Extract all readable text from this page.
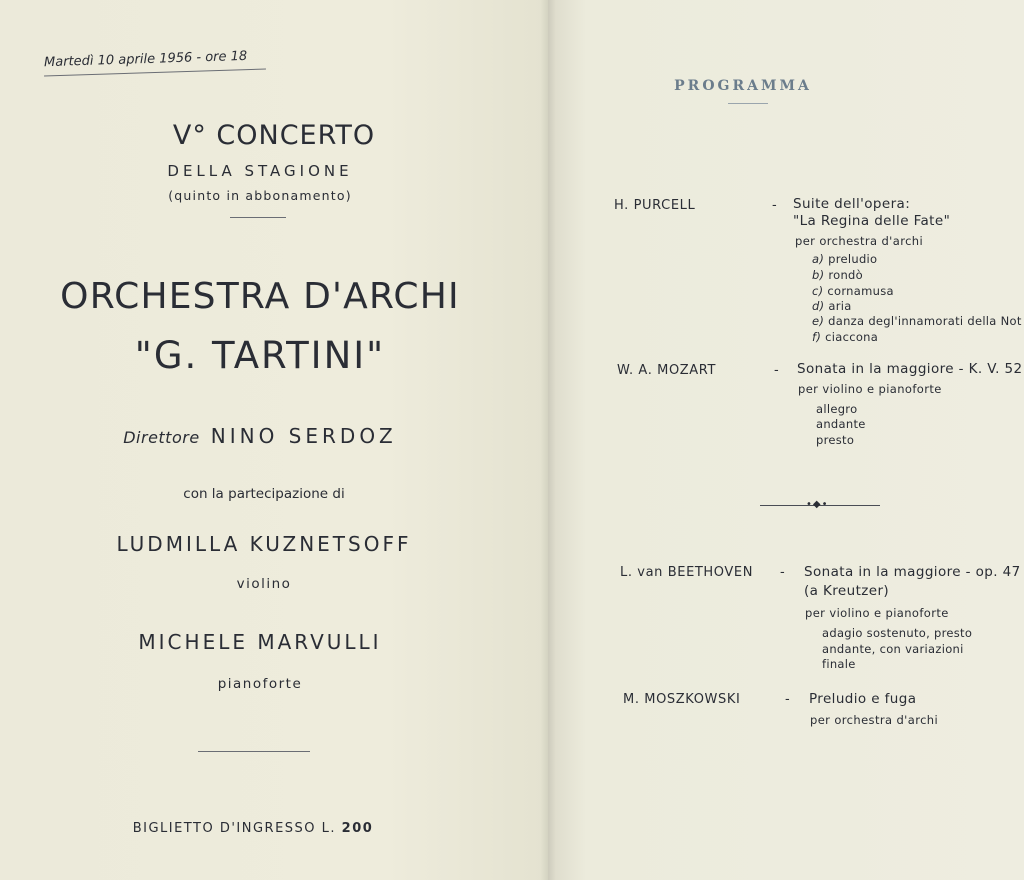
Martedì 10 aprile 1956 - ore 18
V° CONCERTO
DELLA STAGIONE
(quinto in abbonamento)
ORCHESTRA D'ARCHI
"G. TARTINI"
Direttore NINO SERDOZ
con la partecipazione di
LUDMILLA KUZNETSOFF
violino
MICHELE MARVULLI
pianoforte
BIGLIETTO D'INGRESSO L. 200
PROGRAMMA
H. PURCELL	- Suite dell'opera:
"La Regina delle Fate"
per orchestra d'archi
a) preludio
b) rondò
c) cornamusa
d) aria
e) danza degl'innamorati della Not
f) ciaccona
W. A. MOZART	- Sonata in la maggiore - K. V. 52
per violino e pianoforte
allegro
andante
presto
•◆•
L. van BEETHOVEN - Sonata in la maggiore - op. 47
(a Kreutzer)
per violino e pianoforte
adagio sostenuto, presto
andante, con variazioni
finale
M. MOSZKOWSKI	- Preludio e fuga
per orchestra d'archi
